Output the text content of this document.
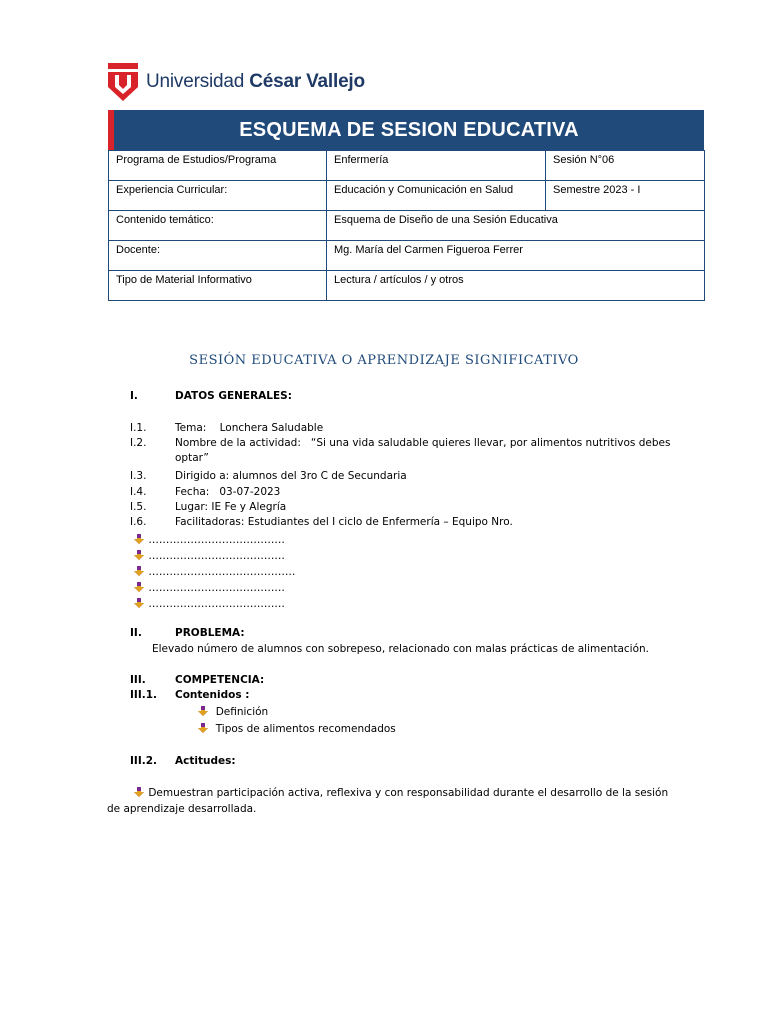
Universidad César Vallejo
ESQUEMA DE SESION EDUCATIVA
Programa de Estudios/Programa	Enfermería	Sesión N°06
Experiencia Curricular:	Educación y Comunicación en Salud	Semestre 2023 - I
Contenido temático:	Esquema de Diseño de una Sesión Educativa	
Docente:	Mg. María del Carmen Figueroa Ferrer	
Tipo de Material Informativo	Lectura / artículos / y otros	
SESIÓN EDUCATIVA O APRENDIZAJE SIGNIFICATIVO
I.	DATOS GENERALES:
I.1.	Tema:    Lonchera Saludable
I.2.	Nombre de la actividad:   “Si una vida saludable quieres llevar, por alimentos nutritivos debes
optar”
I.3.	Dirigido a: alumnos del 3ro C de Secundaria
I.4.	Fecha:   03-07-2023
I.5.	Lugar: IE Fe y Alegría
I.6.	Facilitadoras: Estudiantes del I ciclo de Enfermería – Equipo Nro.
…………………………………
…………………………………
……………………………………
…………………………………
…………………………………
II.	PROBLEMA:
Elevado número de alumnos con sobrepeso, relacionado con malas prácticas de alimentación.
III.	COMPETENCIA:
III.1. Contenidos :
Definición
Tipos de alimentos recomendados
III.2. Actitudes:
Demuestran participación activa, reflexiva y con responsabilidad durante el desarrollo de la sesión
de aprendizaje desarrollada.
